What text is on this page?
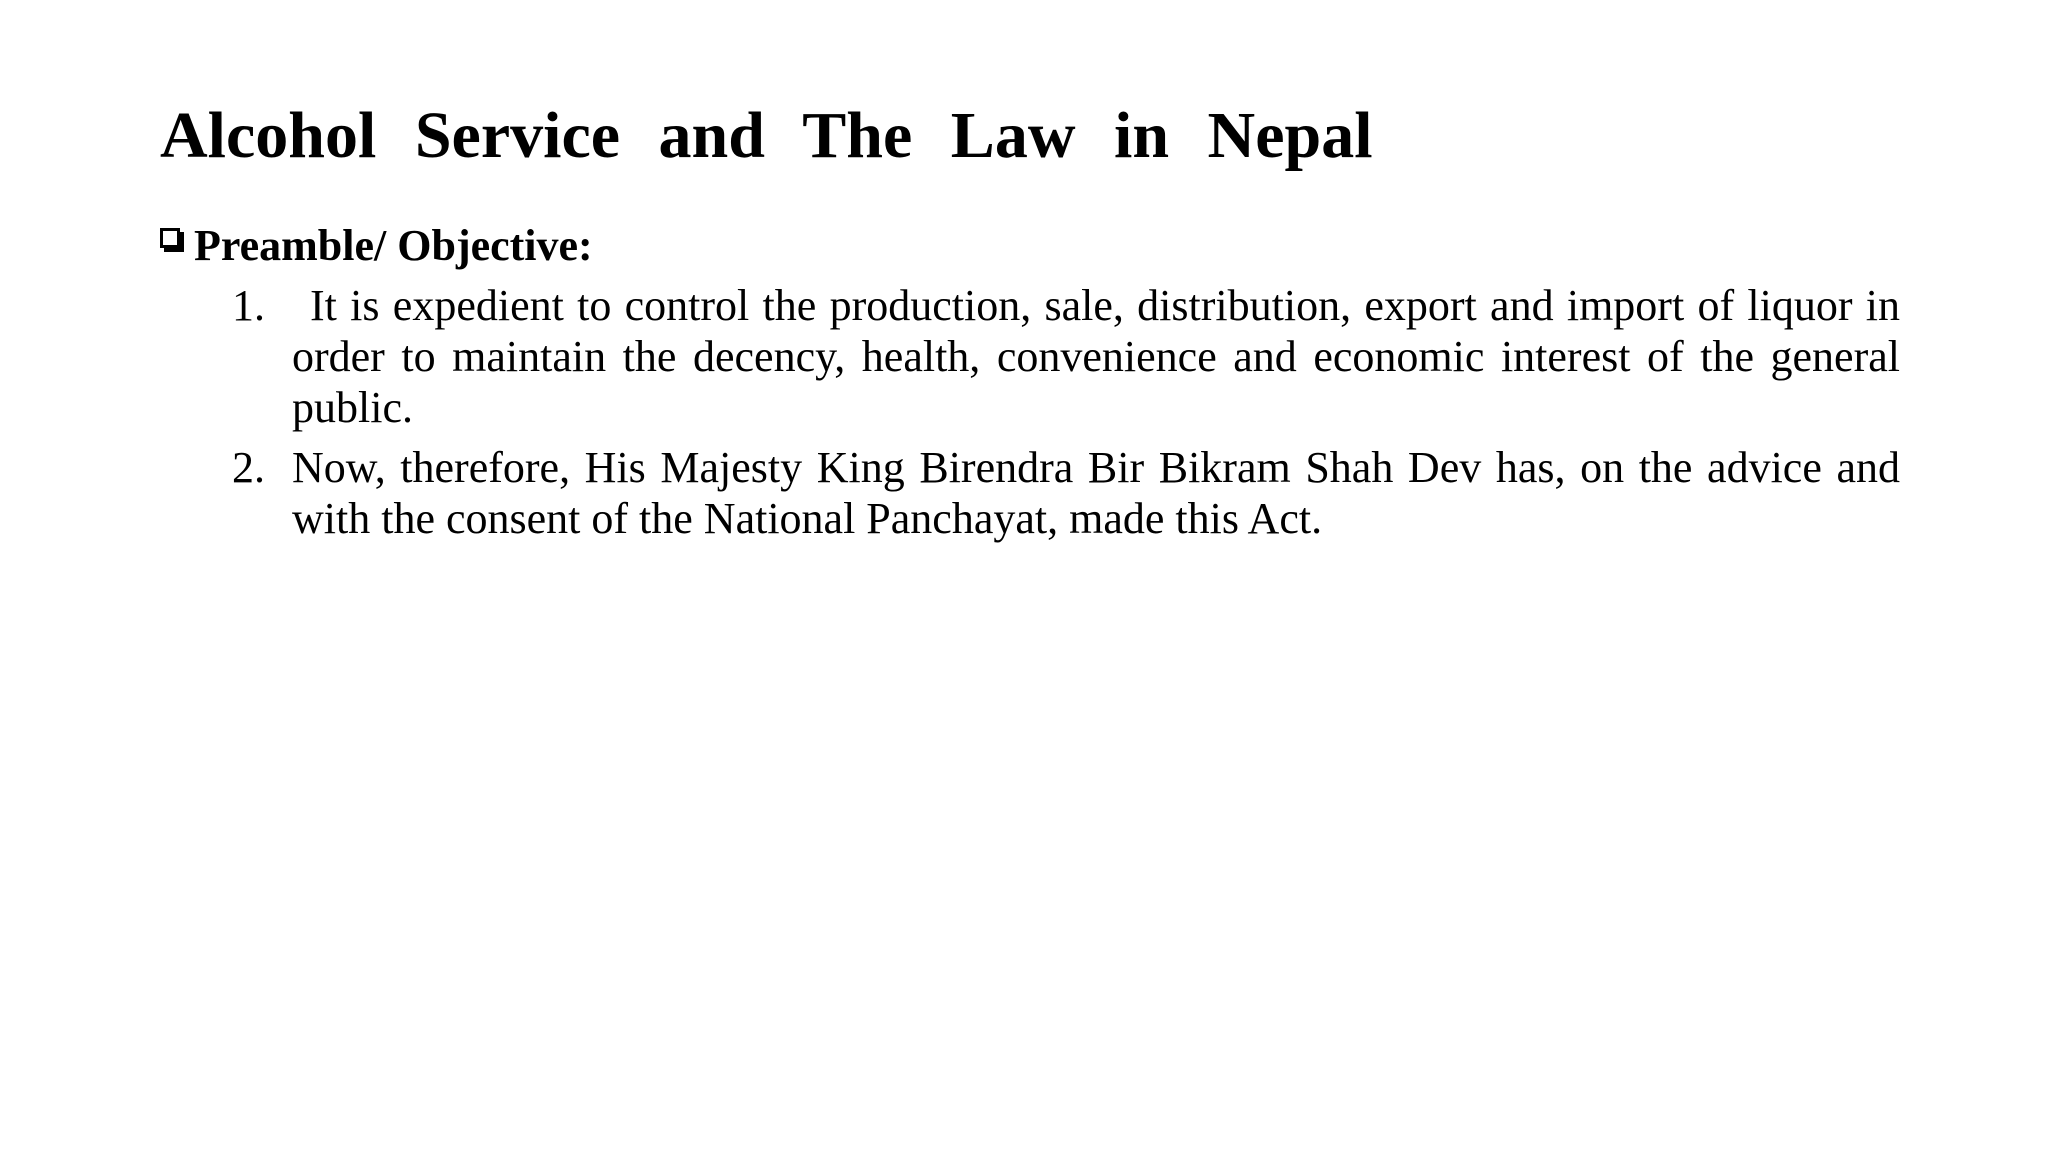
Alcohol Service and The Law in Nepal
Preamble/ Objective:
1.	It is expedient to control the production, sale, distribution, export and import of liquor in order to maintain the decency, health, convenience and economic interest of the general public.
2. Now, therefore, His Majesty King Birendra Bir Bikram Shah Dev has, on the advice and with the consent of the National Panchayat, made this Act.
